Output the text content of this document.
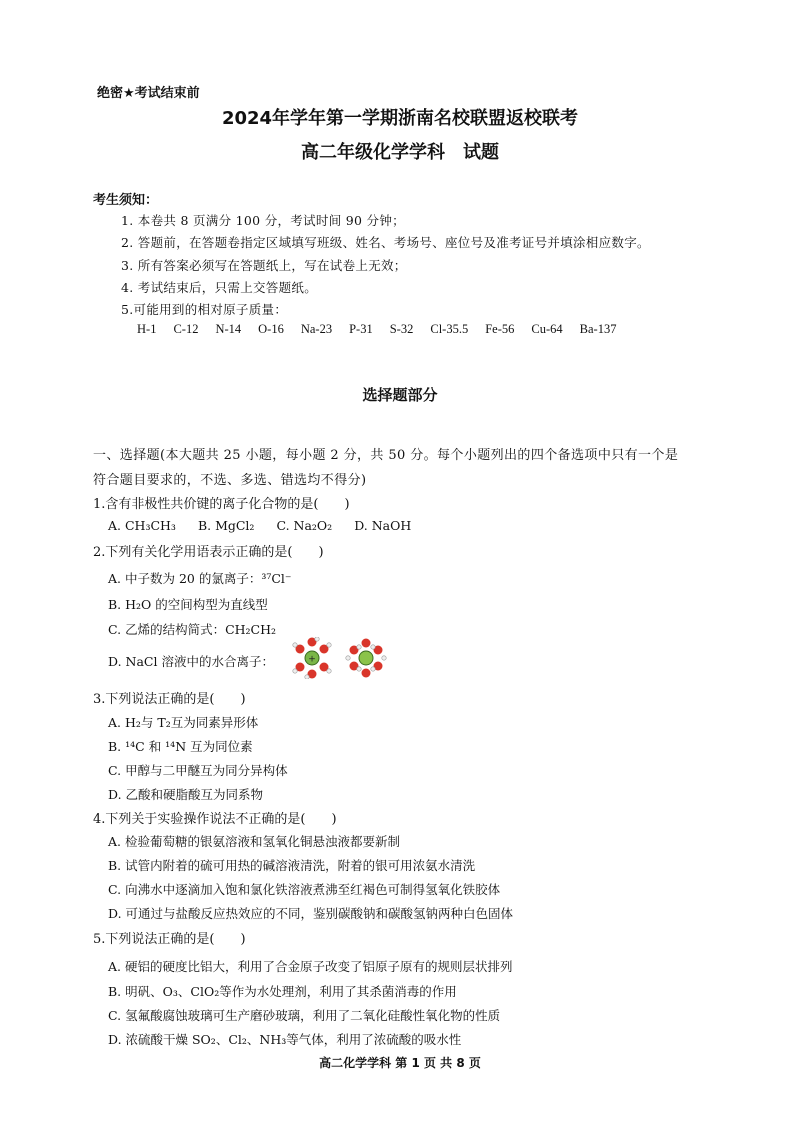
绝密★考试结束前
2024年学年第一学期浙南名校联盟返校联考
高二年级化学学科　试题
考生须知：
1. 本卷共 8 页满分 100 分，考试时间 90 分钟；
2. 答题前，在答题卷指定区域填写班级、姓名、考场号、座位号及准考证号并填涂相应数字。
3. 所有答案必须写在答题纸上，写在试卷上无效；
4. 考试结束后，只需上交答题纸。
5.可能用到的相对原子质量：
H-1 C-12 N-14 O-16 Na-23 P-31 S-32 Cl-35.5 Fe-56 Cu-64 Ba-137
选择题部分
一、选择题(本大题共 25 小题，每小题 2 分，共 50 分。每个小题列出的四个备选项中只有一个是
符合题目要求的，不选、多选、错选均不得分)
1.含有非极性共价键的离子化合物的是(　　)
A. CH₃CH₃ B. MgCl₂ C. Na₂O₂ D. NaOH
2.下列有关化学用语表示正确的是(　　)
A. 中子数为 20 的氯离子：³⁷Cl⁻
B. H₂O 的空间构型为直线型
C. 乙烯的结构简式：CH₂CH₂
D. NaCl 溶液中的水合离子：	+
3.下列说法正确的是(　　)
A. H₂与 T₂互为同素异形体
B. ¹⁴C 和 ¹⁴N 互为同位素
C. 甲醇与二甲醚互为同分异构体
D. 乙酸和硬脂酸互为同系物
4.下列关于实验操作说法不正确的是(　　)
A. 检验葡萄糖的银氨溶液和氢氧化铜悬浊液都要新制
B. 试管内附着的硫可用热的碱溶液清洗，附着的银可用浓氨水清洗
C. 向沸水中逐滴加入饱和氯化铁溶液煮沸至红褐色可制得氢氧化铁胶体
D. 可通过与盐酸反应热效应的不同，鉴别碳酸钠和碳酸氢钠两种白色固体
5.下列说法正确的是(　　)
A. 硬铝的硬度比铝大，利用了合金原子改变了铝原子原有的规则层状排列
B. 明矾、O₃、ClO₂等作为水处理剂，利用了其杀菌消毒的作用
C. 氢氟酸腐蚀玻璃可生产磨砂玻璃，利用了二氧化硅酸性氧化物的性质
D. 浓硫酸干燥 SO₂、Cl₂、NH₃等气体，利用了浓硫酸的吸水性
高二化学学科 第 1 页 共 8 页
